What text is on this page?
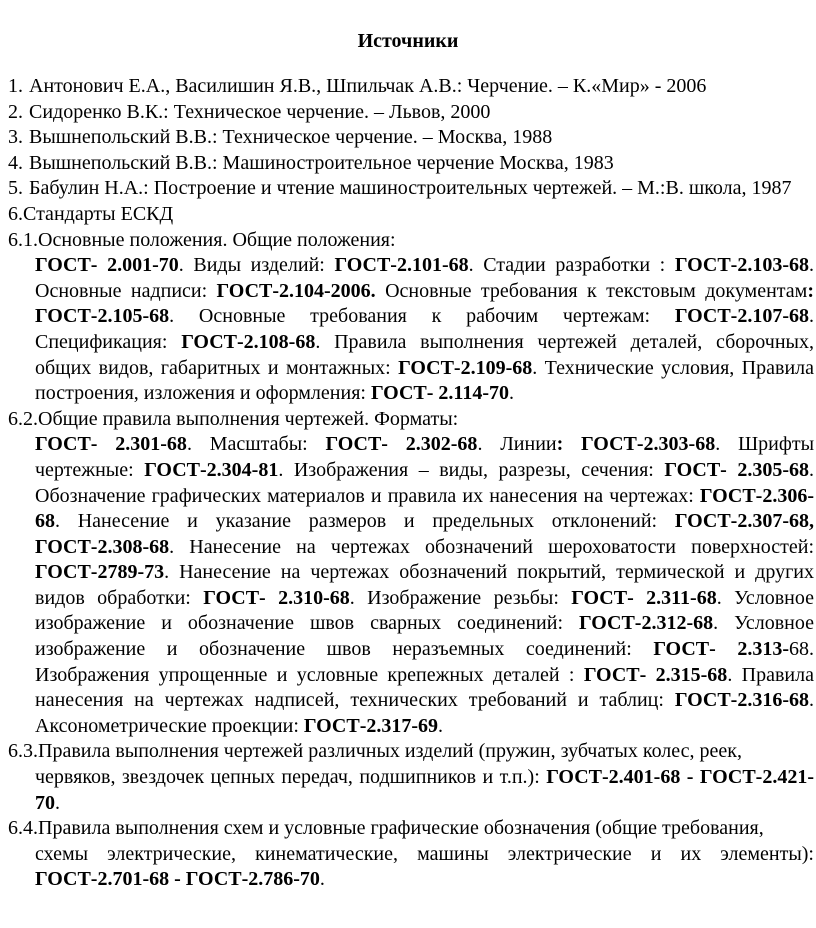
Источники
1. Антонович Е.А., Василишин Я.В., Шпильчак А.В.: Черчение. – К.«Мир» - 2006
2. Сидоренко В.К.: Техническое черчение. – Львов, 2000
3. Вышнепольский В.В.: Техническое черчение. – Москва, 1988
4. Вышнепольский В.В.: Машиностроительное черчение Москва, 1983
5. Бабулин Н.А.: Построение и чтение машиностроительных чертежей. – М.:В. школа, 1987
6.Стандарты ЕСКД
6.1.Основные положения. Общие положения:
ГОСТ- 2.001-70. Виды изделий: ГОСТ-2.101-68. Стадии разработки : ГОСТ-2.103-68. Основные надписи: ГОСТ-2.104-2006. Основные требования к текстовым документам: ГОСТ-2.105-68. Основные требования к рабочим чертежам: ГОСТ-2.107-68. Спецификация: ГОСТ-2.108-68. Правила выполнения чертежей деталей, сборочных, общих видов, габаритных и монтажных: ГОСТ-2.109-68. Технические условия, Правила построения, изложения и оформления: ГОСТ- 2.114-70.
6.2.Общие правила выполнения чертежей. Форматы:
ГОСТ- 2.301-68. Масштабы: ГОСТ- 2.302-68. Линии: ГОСТ-2.303-68. Шрифты чертежные: ГОСТ-2.304-81. Изображения – виды, разрезы, сечения: ГОСТ- 2.305-68. Обозначение графических материалов и правила их нанесения на чертежах: ГОСТ-2.306-68. Нанесение и указание размеров и предельных отклонений: ГОСТ-2.307-68, ГОСТ-2.308-68. Нанесение на чертежах обозначений шероховатости поверхностей: ГОСТ-2789-73. Нанесение на чертежах обозначений покрытий, термической и других видов обработки: ГОСТ- 2.310-68. Изображение резьбы: ГОСТ- 2.311-68. Условное изображение и обозначение швов сварных соединений: ГОСТ-2.312-68. Условное изображение и обозначение швов неразъемных соединений: ГОСТ- 2.313-68. Изображения упрощенные и условные крепежных деталей : ГОСТ- 2.315-68. Правила нанесения на чертежах надписей, технических требований и таблиц: ГОСТ-2.316-68. Аксонометрические проекции: ГОСТ-2.317-69.
6.3.Правила выполнения чертежей различных изделий (пружин, зубчатых колес, реек,
червяков, звездочек цепных передач, подшипников и т.п.): ГОСТ-2.401-68 - ГОСТ-2.421-70.
6.4.Правила выполнения схем и условные графические обозначения (общие требования,
схемы электрические, кинематические, машины электрические и их элементы): ГОСТ-2.701-68 - ГОСТ-2.786-70.
